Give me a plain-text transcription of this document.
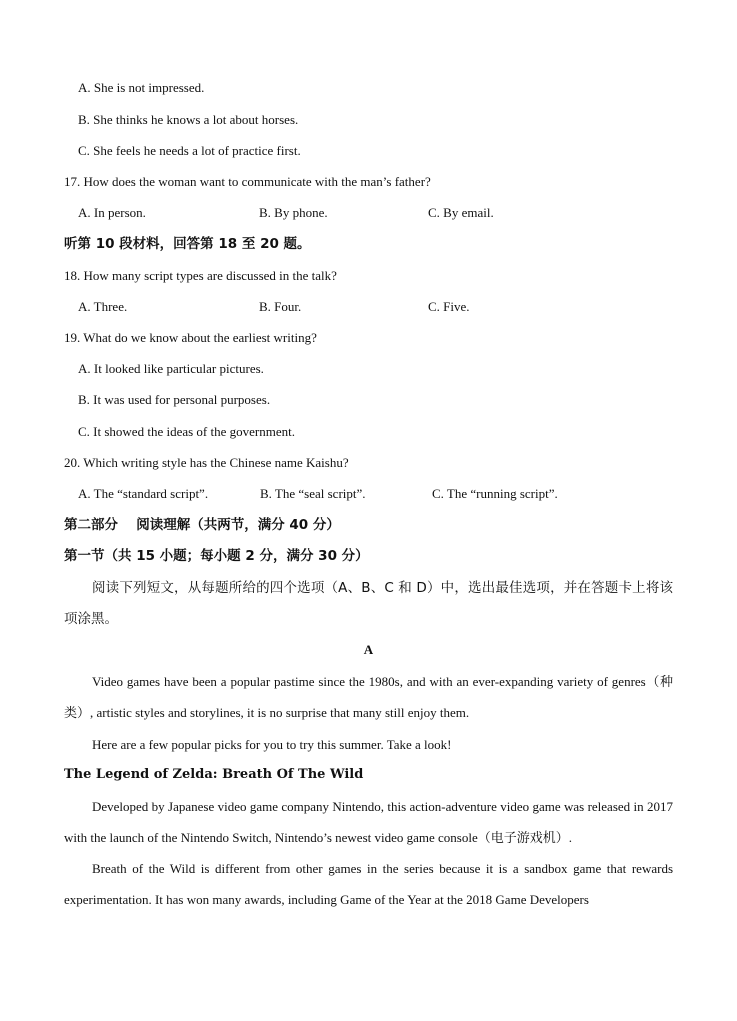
A. She is not impressed.
B. She thinks he knows a lot about horses.
C. She feels he needs a lot of practice first.
17. How does the woman want to communicate with the man’s father?
A. In person.	B. By phone.	C. By email.
听第 10 段材料，回答第 18 至 20 题。
18. How many script types are discussed in the talk?
A. Three.	B. Four.	C. Five.
19. What do we know about the earliest writing?
A. It looked like particular pictures.
B. It was used for personal purposes.
C. It showed the ideas of the government.
20. Which writing style has the Chinese name Kaishu?
A. The “standard script”.	B. The “seal script”.	C. The “running script”.
第二部分　 阅读理解（共两节，满分 40 分）
第一节（共 15 小题；每小题 2 分，满分 30 分）
阅读下列短文，从每题所给的四个选项（A、B、C 和 D）中，选出最佳选项，并在答题卡上将该项涂黑。
A
Video games have been a popular pastime since the 1980s, and with an ever-expanding variety of genres（种类）, artistic styles and storylines, it is no surprise that many still enjoy them.
Here are a few popular picks for you to try this summer. Take a look!
The Legend of Zelda: Breath Of The Wild
Developed by Japanese video game company Nintendo, this action-adventure video game was released in 2017 with the launch of the Nintendo Switch, Nintendo’s newest video game console（电子游戏机）.
Breath of the Wild is different from other games in the series because it is a sandbox game that rewards experimentation. It has won many awards, including Game of the Year at the 2018 Game Developers
